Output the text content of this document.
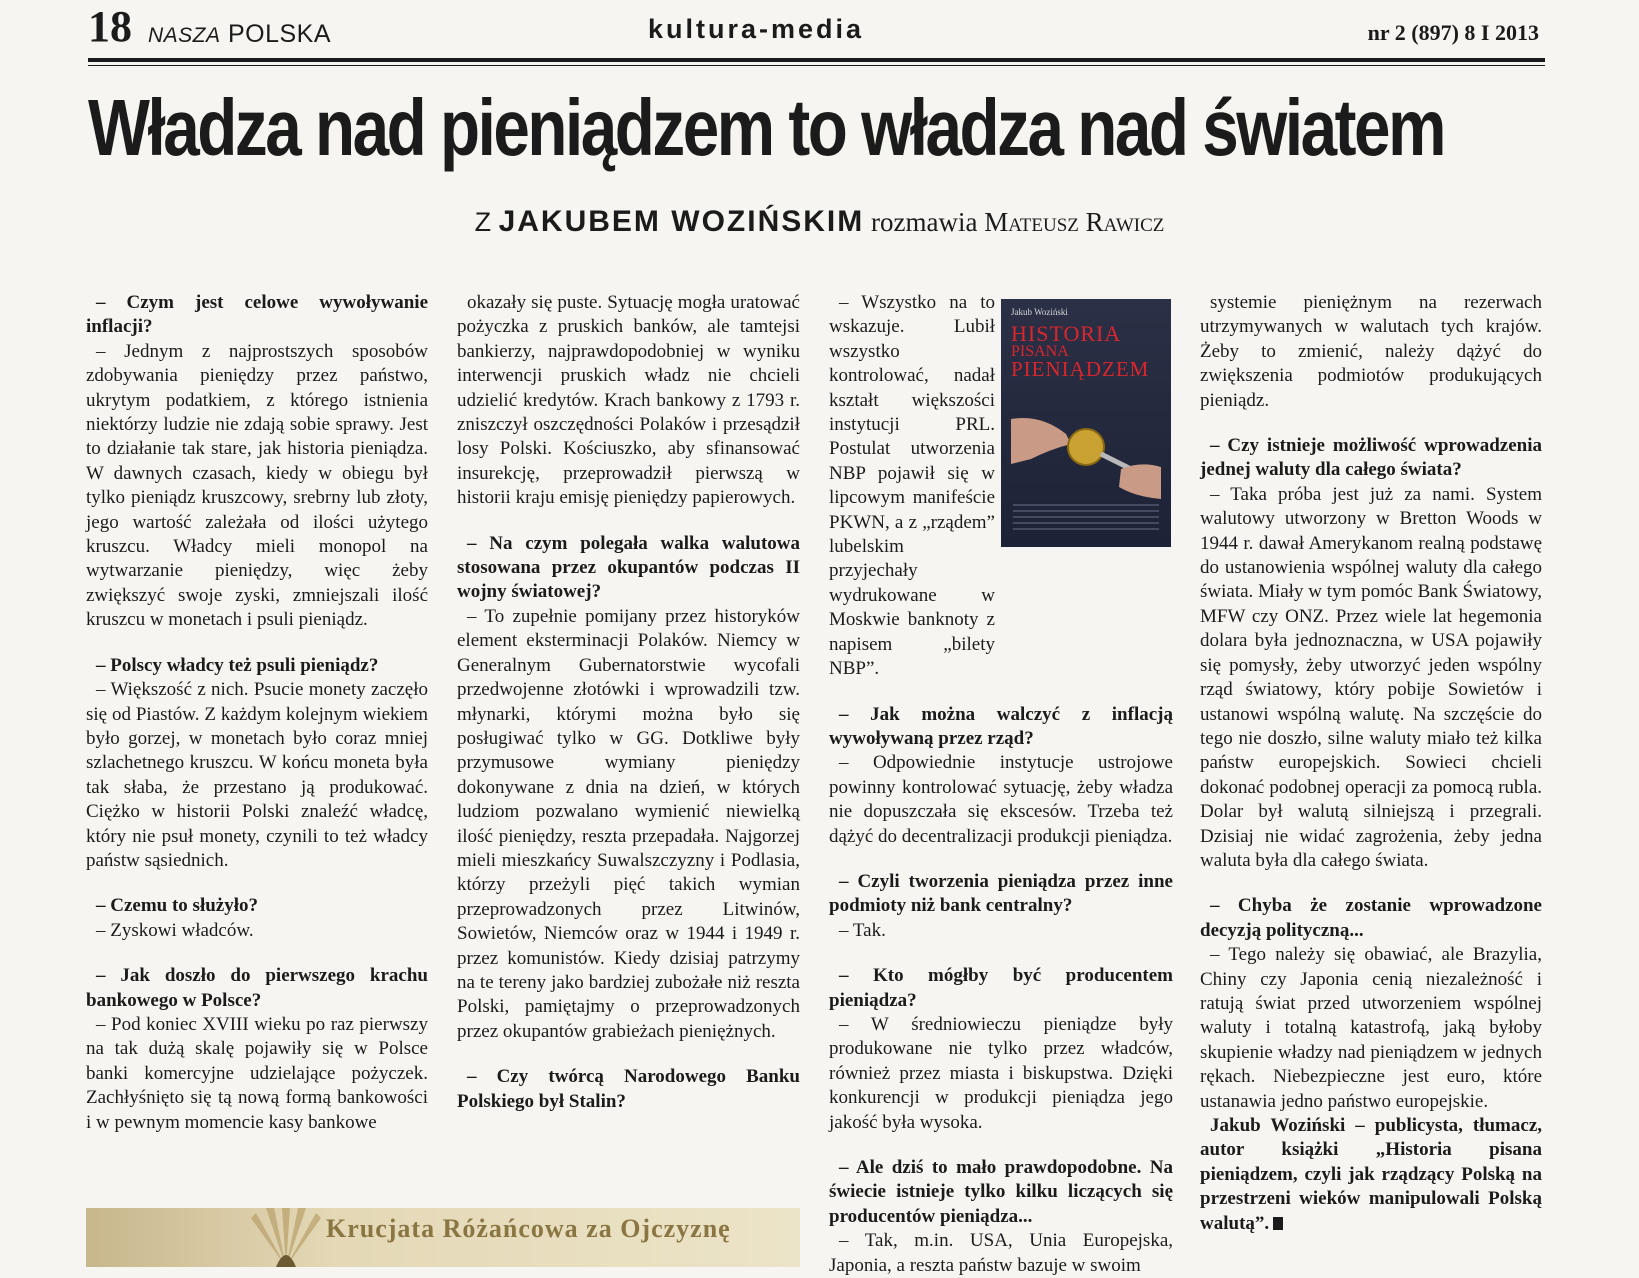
18 NASZA POLSKA	kultura-media	nr 2 (897) 8 I 2013
Władza nad pieniądzem to władza nad światem
Z JAKUBEM WOZIŃSKIM rozmawia Mateusz Rawicz

– Czym jest celowe wywoływanie inflacji?

– Jednym z najprostszych sposobów zdobywania pieniędzy przez państwo, ukrytym podatkiem, z którego istnienia niektórzy ludzie nie zdają sobie sprawy. Jest to działanie tak stare, jak historia pieniądza. W dawnych czasach, kiedy w obiegu był tylko pieniądz kruszcowy, srebrny lub złoty, jego wartość zależała od ilości użytego kruszcu. Władcy mieli monopol na wytwarzanie pieniędzy, więc żeby zwiększyć swoje zyski, zmniejszali ilość kruszcu w monetach i psuli pieniądz.

– Polscy władcy też psuli pieniądz?

– Większość z nich. Psucie monety zaczęło się od Piastów. Z każdym kolejnym wiekiem było gorzej, w monetach było coraz mniej szlachetnego kruszcu. W końcu moneta była tak słaba, że przestano ją produkować. Ciężko w historii Polski znaleźć władcę, który nie psuł monety, czynili to też władcy państw sąsiednich.

– Czemu to służyło?

– Zyskowi władców.

– Jak doszło do pierwszego krachu bankowego w Polsce?

– Pod koniec XVIII wieku po raz pierwszy na tak dużą skalę pojawiły się w Polsce banki komercyjne udzielające pożyczek. Zachłyśnięto się tą nową formą bankowości i w pewnym momencie kasy bankowe

okazały się puste. Sytuację mogła uratować pożyczka z pruskich banków, ale tamtejsi bankierzy, najprawdopodobniej w wyniku interwencji pruskich władz nie chcieli udzielić kredytów. Krach bankowy z 1793 r. zniszczył oszczędności Polaków i przesądził losy Polski. Kościuszko, aby sfinansować insurekcję, przeprowadził pierwszą w historii kraju emisję pieniędzy papierowych.

– Na czym polegała walka walutowa stosowana przez okupantów podczas II wojny światowej?

– To zupełnie pomijany przez historyków element eksterminacji Polaków. Niemcy w Generalnym Gubernatorstwie wycofali przedwojenne złotówki i wprowadzili tzw. młynarki, którymi można było się posługiwać tylko w GG. Dotkliwe były przymusowe wymiany pieniędzy dokonywane z dnia na dzień, w których ludziom pozwalano wymienić niewielką ilość pieniędzy, reszta przepadała. Najgorzej mieli mieszkańcy Suwalszczyzny i Podlasia, którzy przeżyli pięć takich wymian przeprowadzonych przez Litwinów, Sowietów, Niemców oraz w 1944 i 1949 r. przez komunistów. Kiedy dzisiaj patrzymy na te tereny jako bardziej zubożałe niż reszta Polski, pamiętajmy o przeprowadzonych przez okupantów grabieżach pieniężnych.

– Czy twórcą Narodowego Banku Polskiego był Stalin?

– Wszystko na to wskazuje. Lubił wszystko kontrolować, nadał kształt większości instytucji PRL. Postulat utworzenia NBP pojawił się w lipcowym manifeście PKWN, a z „rządem” lubelskim przyjechały wydrukowane w Moskwie banknoty z napisem „bilety NBP”.

– Jak można walczyć z inflacją wywoływaną przez rząd?

– Odpowiednie instytucje ustrojowe powinny kontrolować sytuację, żeby władza nie dopuszczała się ekscesów. Trzeba też dążyć do decentralizacji produkcji pieniądza.

– Czyli tworzenia pieniądza przez inne podmioty niż bank centralny?

– Tak.

– Kto mógłby być producentem pieniądza?

– W średniowieczu pieniądze były produkowane nie tylko przez władców, również przez miasta i biskupstwa. Dzięki konkurencji w produkcji pieniądza jego jakość była wysoka.

– Ale dziś to mało prawdopodobne. Na świecie istnieje tylko kilku liczących się producentów pieniądza...

– Tak, m.in. USA, Unia Europejska, Japonia, a reszta państw bazuje w swoim

systemie pieniężnym na rezerwach utrzymywanych w walutach tych krajów. Żeby to zmienić, należy dążyć do zwiększenia podmiotów produkujących pieniądz.

– Czy istnieje możliwość wprowadzenia jednej waluty dla całego świata?

– Taka próba jest już za nami. System walutowy utworzony w Bretton Woods w 1944 r. dawał Amerykanom realną podstawę do ustanowienia wspólnej waluty dla całego świata. Miały w tym pomóc Bank Światowy, MFW czy ONZ. Przez wiele lat hegemonia dolara była jednoznaczna, w USA pojawiły się pomysły, żeby utworzyć jeden wspólny rząd światowy, który pobije Sowietów i ustanowi wspólną walutę. Na szczęście do tego nie doszło, silne waluty miało też kilka państw europejskich. Sowieci chcieli dokonać podobnej operacji za pomocą rubla. Dolar był walutą silniejszą i przegrali. Dzisiaj nie widać zagrożenia, żeby jedna waluta była dla całego świata.

– Chyba że zostanie wprowadzone decyzją polityczną...

– Tego należy się obawiać, ale Brazylia, Chiny czy Japonia cenią niezależność i ratują świat przed utworzeniem wspólnej waluty i totalną katastrofą, jaką byłoby skupienie władzy nad pieniądzem w jednych rękach. Niebezpieczne jest euro, które ustanawia jedno państwo europejskie.

Jakub Woziński – publicysta, tłumacz, autor książki „Historia pisana pieniądzem, czyli jak rządzący Polską na przestrzeni wieków manipulowali Polską walutą”.

Jakub Woziński
HISTORIA
PISANA
PIENIĄDZEM
Krucjata Różańcowa za Ojczyznę
